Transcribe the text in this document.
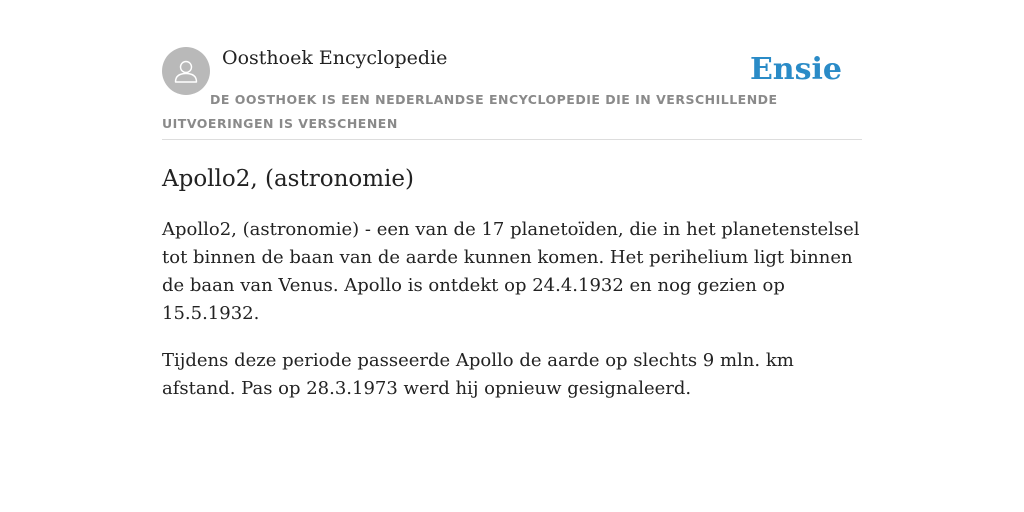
Oosthoek Encyclopedie	Ensie
DE OOSTHOEK IS EEN NEDERLANDSE ENCYCLOPEDIE DIE IN VERSCHILLENDE UITVOERINGEN IS VERSCHENEN
Apollo2, (astronomie)

Apollo2, (astronomie) - een van de 17 planetoïden, die in het planetenstelsel tot binnen de baan van de aarde kunnen komen. Het perihelium ligt binnen de baan van Venus. Apollo is ontdekt op 24.4.1932 en nog gezien op 15.5.1932.

Tijdens deze periode passeerde Apollo de aarde op slechts 9 mln. km afstand. Pas op 28.3.1973 werd hij opnieuw gesignaleerd.
